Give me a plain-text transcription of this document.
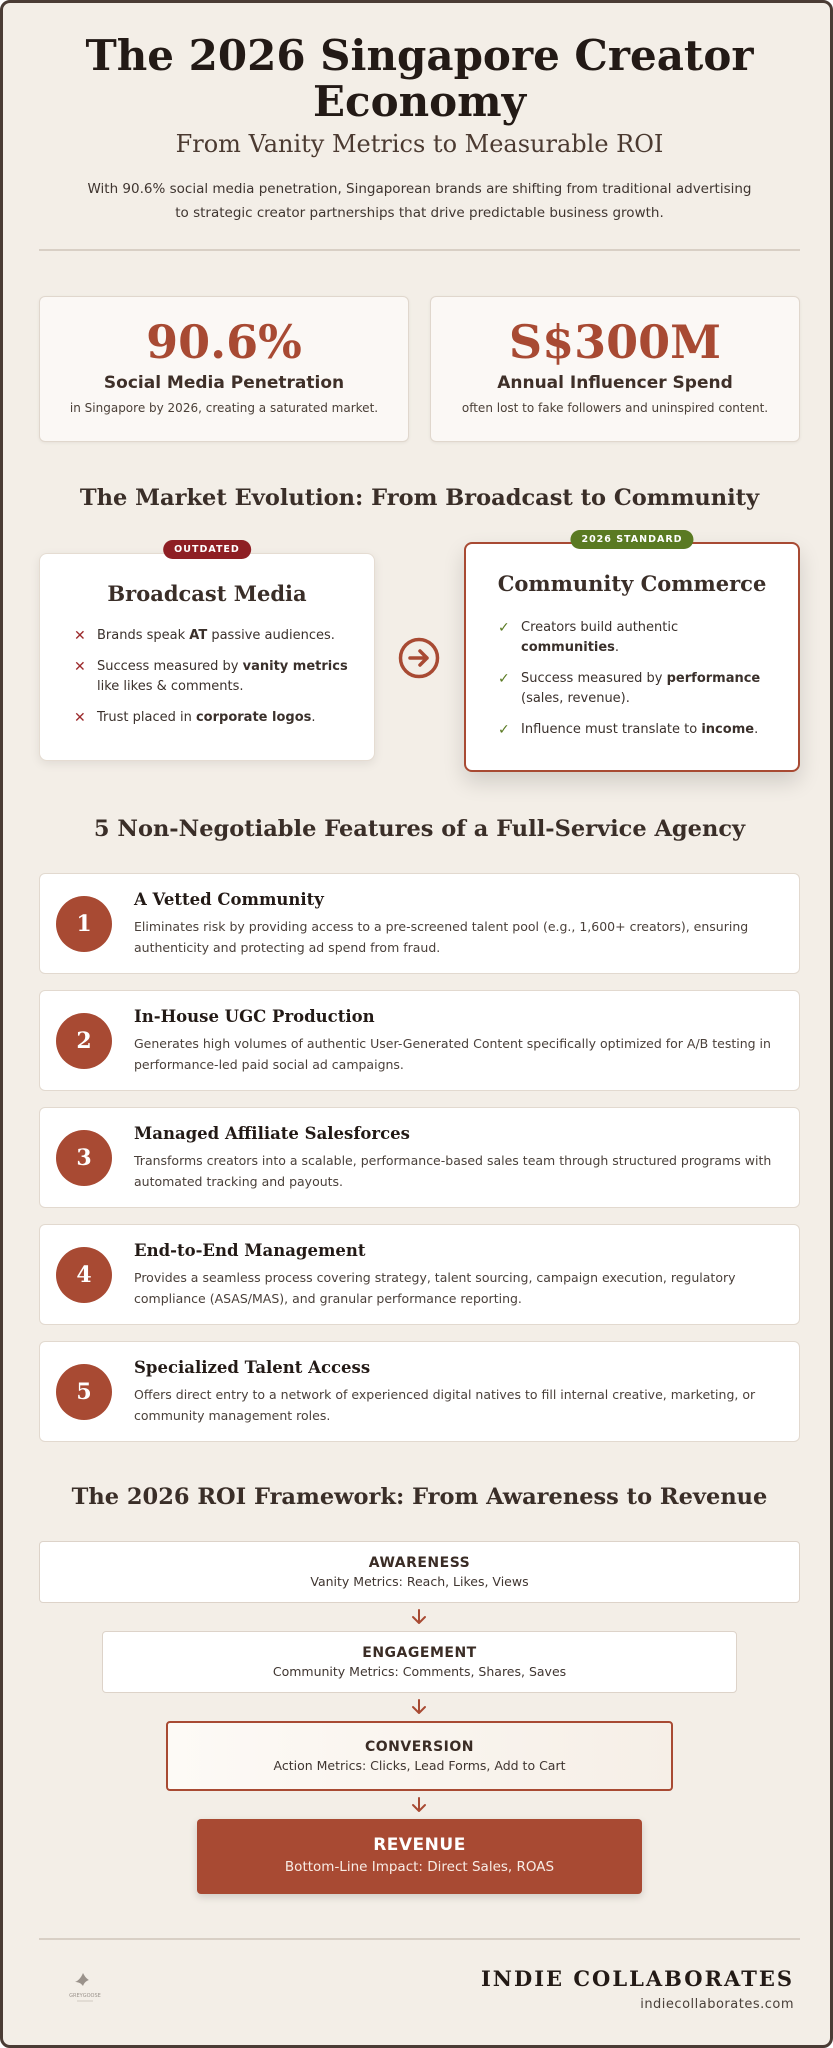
The 2026 Singapore Creator Economy
From Vanity Metrics to Measurable ROI

With 90.6% social media penetration, Singaporean brands are shifting from traditional advertising to strategic creator partnerships that drive predictable business growth.

90.6%
Social Media Penetration
in Singapore by 2026, creating a saturated market.
S$300M
Annual Influencer Spend
often lost to fake followers and uninspired content.
The Market Evolution: From Broadcast to Community
OUTDATED
Broadcast Media
✕ Brands speak AT passive audiences.
✕ Success measured by vanity metrics like likes & comments.
✕ Trust placed in corporate logos.
2026 STANDARD
Community Commerce
✓ Creators build authentic communities.
✓ Success measured by performance (sales, revenue).
✓ Influence must translate to income.
5 Non-Negotiable Features of a Full-Service Agency
1
A Vetted Community
Eliminates risk by providing access to a pre-screened talent pool (e.g., 1,600+ creators), ensuring authenticity and protecting ad spend from fraud.
2
In-House UGC Production
Generates high volumes of authentic User-Generated Content specifically optimized for A/B testing in performance-led paid social ad campaigns.
3
Managed Affiliate Salesforces
Transforms creators into a scalable, performance-based sales team through structured programs with automated tracking and payouts.
4
End-to-End Management
Provides a seamless process covering strategy, talent sourcing, campaign execution, regulatory compliance (ASAS/MAS), and granular performance reporting.
5
Specialized Talent Access
Offers direct entry to a network of experienced digital natives to fill internal creative, marketing, or community management roles.
The 2026 ROI Framework: From Awareness to Revenue
AWARENESS
Vanity Metrics: Reach, Likes, Views
ENGAGEMENT
Community Metrics: Comments, Shares, Saves
CONVERSION
Action Metrics: Clicks, Lead Forms, Add to Cart
REVENUE
Bottom-Line Impact: Direct Sales, ROAS
GREYGOOSE
INDIE COLLABORATES
indiecollaborates.com
